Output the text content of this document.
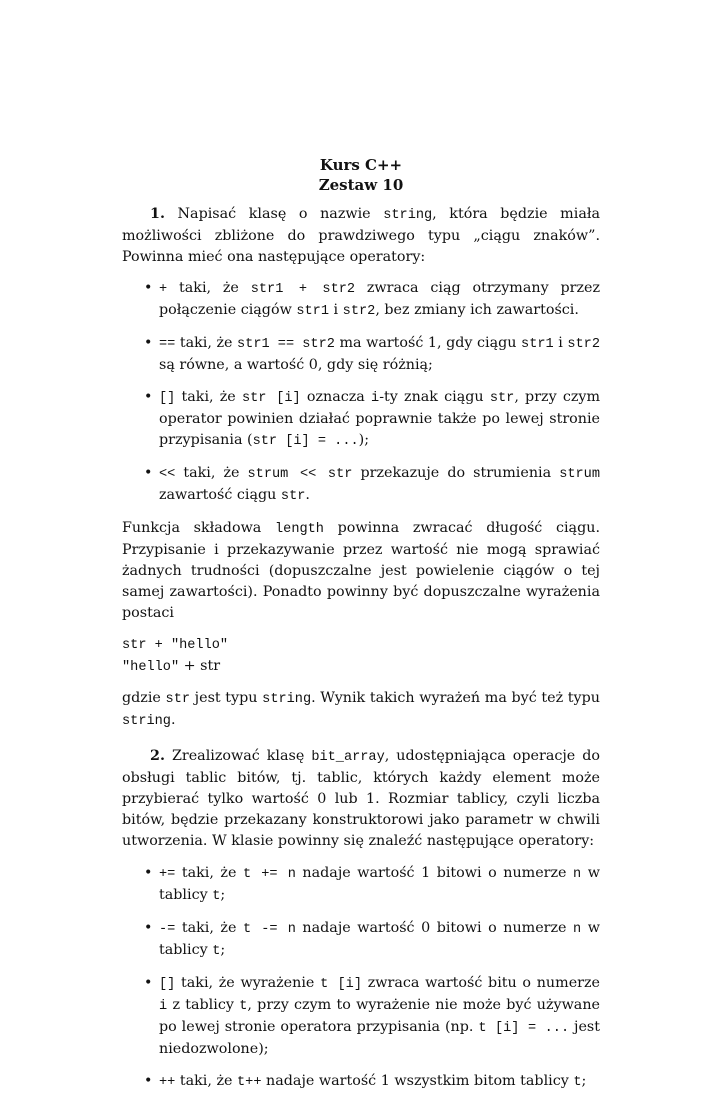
Kurs C++
Zestaw 10

1. Napisać klasę o nazwie string, która będzie miała możliwości zbliżone do prawdziwego typu „ciągu znaków”. Powinna mieć ona następujące operatory:

• + taki, że str1 + str2 zwraca ciąg otrzymany przez połączenie ciągów str1 i str2, bez zmiany ich zawartości.
• == taki, że str1 == str2 ma wartość 1, gdy ciągu str1 i str2 są równe, a wartość 0, gdy się różnią;
• [] taki, że str [i] oznacza i-ty znak ciągu str, przy czym operator powinien działać poprawnie także po lewej stronie przypisania (str [i] = ...);
• << taki, że strum << str przekazuje do strumienia strum zawartość ciągu str.

Funkcja składowa length powinna zwracać długość ciągu. Przypisanie i przekazywanie przez wartość nie mogą sprawiać żadnych trudności (dopuszczalne jest powielenie ciągów o tej samej zawartości). Ponadto powinny być dopuszczalne wyrażenia postaci

str + "hello"
"hello" + str

gdzie str jest typu string. Wynik takich wyrażeń ma być też typu string.

2. Zrealizować klasę bit_array, udostępniająca operacje do obsługi tablic bitów, tj. tablic, których każdy element może przybierać tylko wartość 0 lub 1. Rozmiar tablicy, czyli liczba bitów, będzie przekazany konstruktorowi jako parametr w chwili utworzenia. W klasie powinny się znaleźć następujące operatory:

• += taki, że t += n nadaje wartość 1 bitowi o numerze n w tablicy t;
• -= taki, że t -= n nadaje wartość 0 bitowi o numerze n w tablicy t;
• [] taki, że wyrażenie t [i] zwraca wartość bitu o numerze i z tablicy t, przy czym to wyrażenie nie może być używane po lewej stronie operatora przypisania (np. t [i] = ... jest niedozwolone);
• ++ taki, że t++ nadaje wartość 1 wszystkim bitom tablicy t;
